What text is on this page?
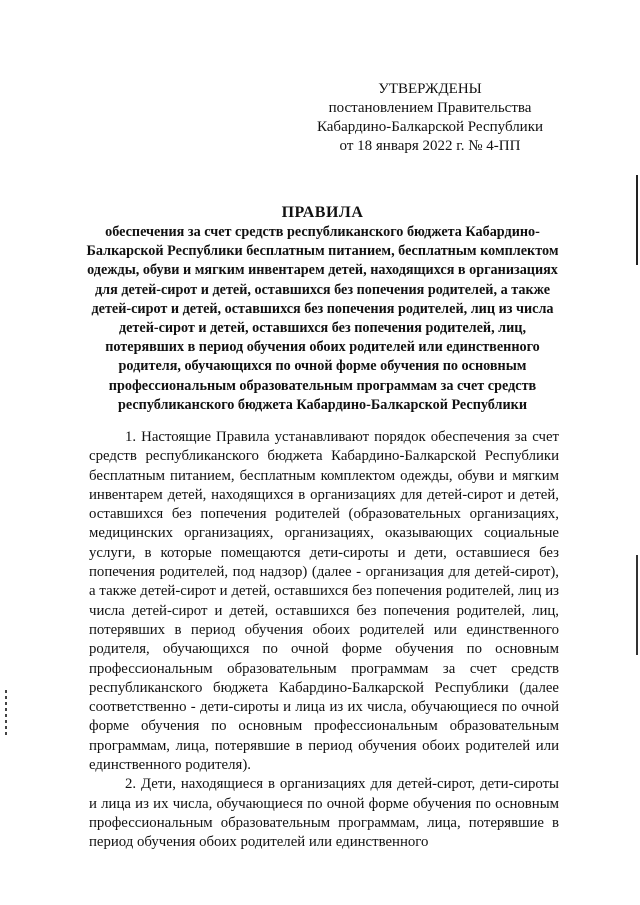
УТВЕРЖДЕНЫ
постановлением Правительства
Кабардино-Балкарской Республики
от 18 января 2022 г. № 4-ПП
ПРАВИЛА
обеспечения за счет средств республиканского бюджета Кабардино-Балкарской Республики бесплатным питанием, бесплатным комплектом одежды, обуви и мягким инвентарем детей, находящихся в организациях для детей-сирот и детей, оставшихся без попечения родителей, а также детей-сирот и детей, оставшихся без попечения родителей, лиц из числа детей-сирот и детей, оставшихся без попечения родителей, лиц, потерявших в период обучения обоих родителей или единственного родителя, обучающихся по очной форме обучения по основным профессиональным образовательным программам за счет средств республиканского бюджета Кабардино-Балкарской Республики

1. Настоящие Правила устанавливают порядок обеспечения за счет средств республиканского бюджета Кабардино-Балкарской Республики бесплатным питанием, бесплатным комплектом одежды, обуви и мягким инвентарем детей, находящихся в организациях для детей-сирот и детей, оставшихся без попечения родителей (образовательных организациях, медицинских организациях, организациях, оказывающих социальные услуги, в которые помещаются дети-сироты и дети, оставшиеся без попечения родителей, под надзор) (далее - организация для детей-сирот), а также детей-сирот и детей, оставшихся без попечения родителей, лиц из числа детей-сирот и детей, оставшихся без попечения родителей, лиц, потерявших в период обучения обоих родителей или единственного родителя, обучающихся по очной форме обучения по основным профессиональным образовательным программам за счет средств республиканского бюджета Кабардино-Балкарской Республики (далее соответственно - дети-сироты и лица из их числа, обучающиеся по очной форме обучения по основным профессиональным образовательным программам, лица, потерявшие в период обучения обоих родителей или единственного родителя).

2. Дети, находящиеся в организациях для детей-сирот, дети-сироты и лица из их числа, обучающиеся по очной форме обучения по основным профессиональным образовательным программам, лица, потерявшие в период обучения обоих родителей или единственного
